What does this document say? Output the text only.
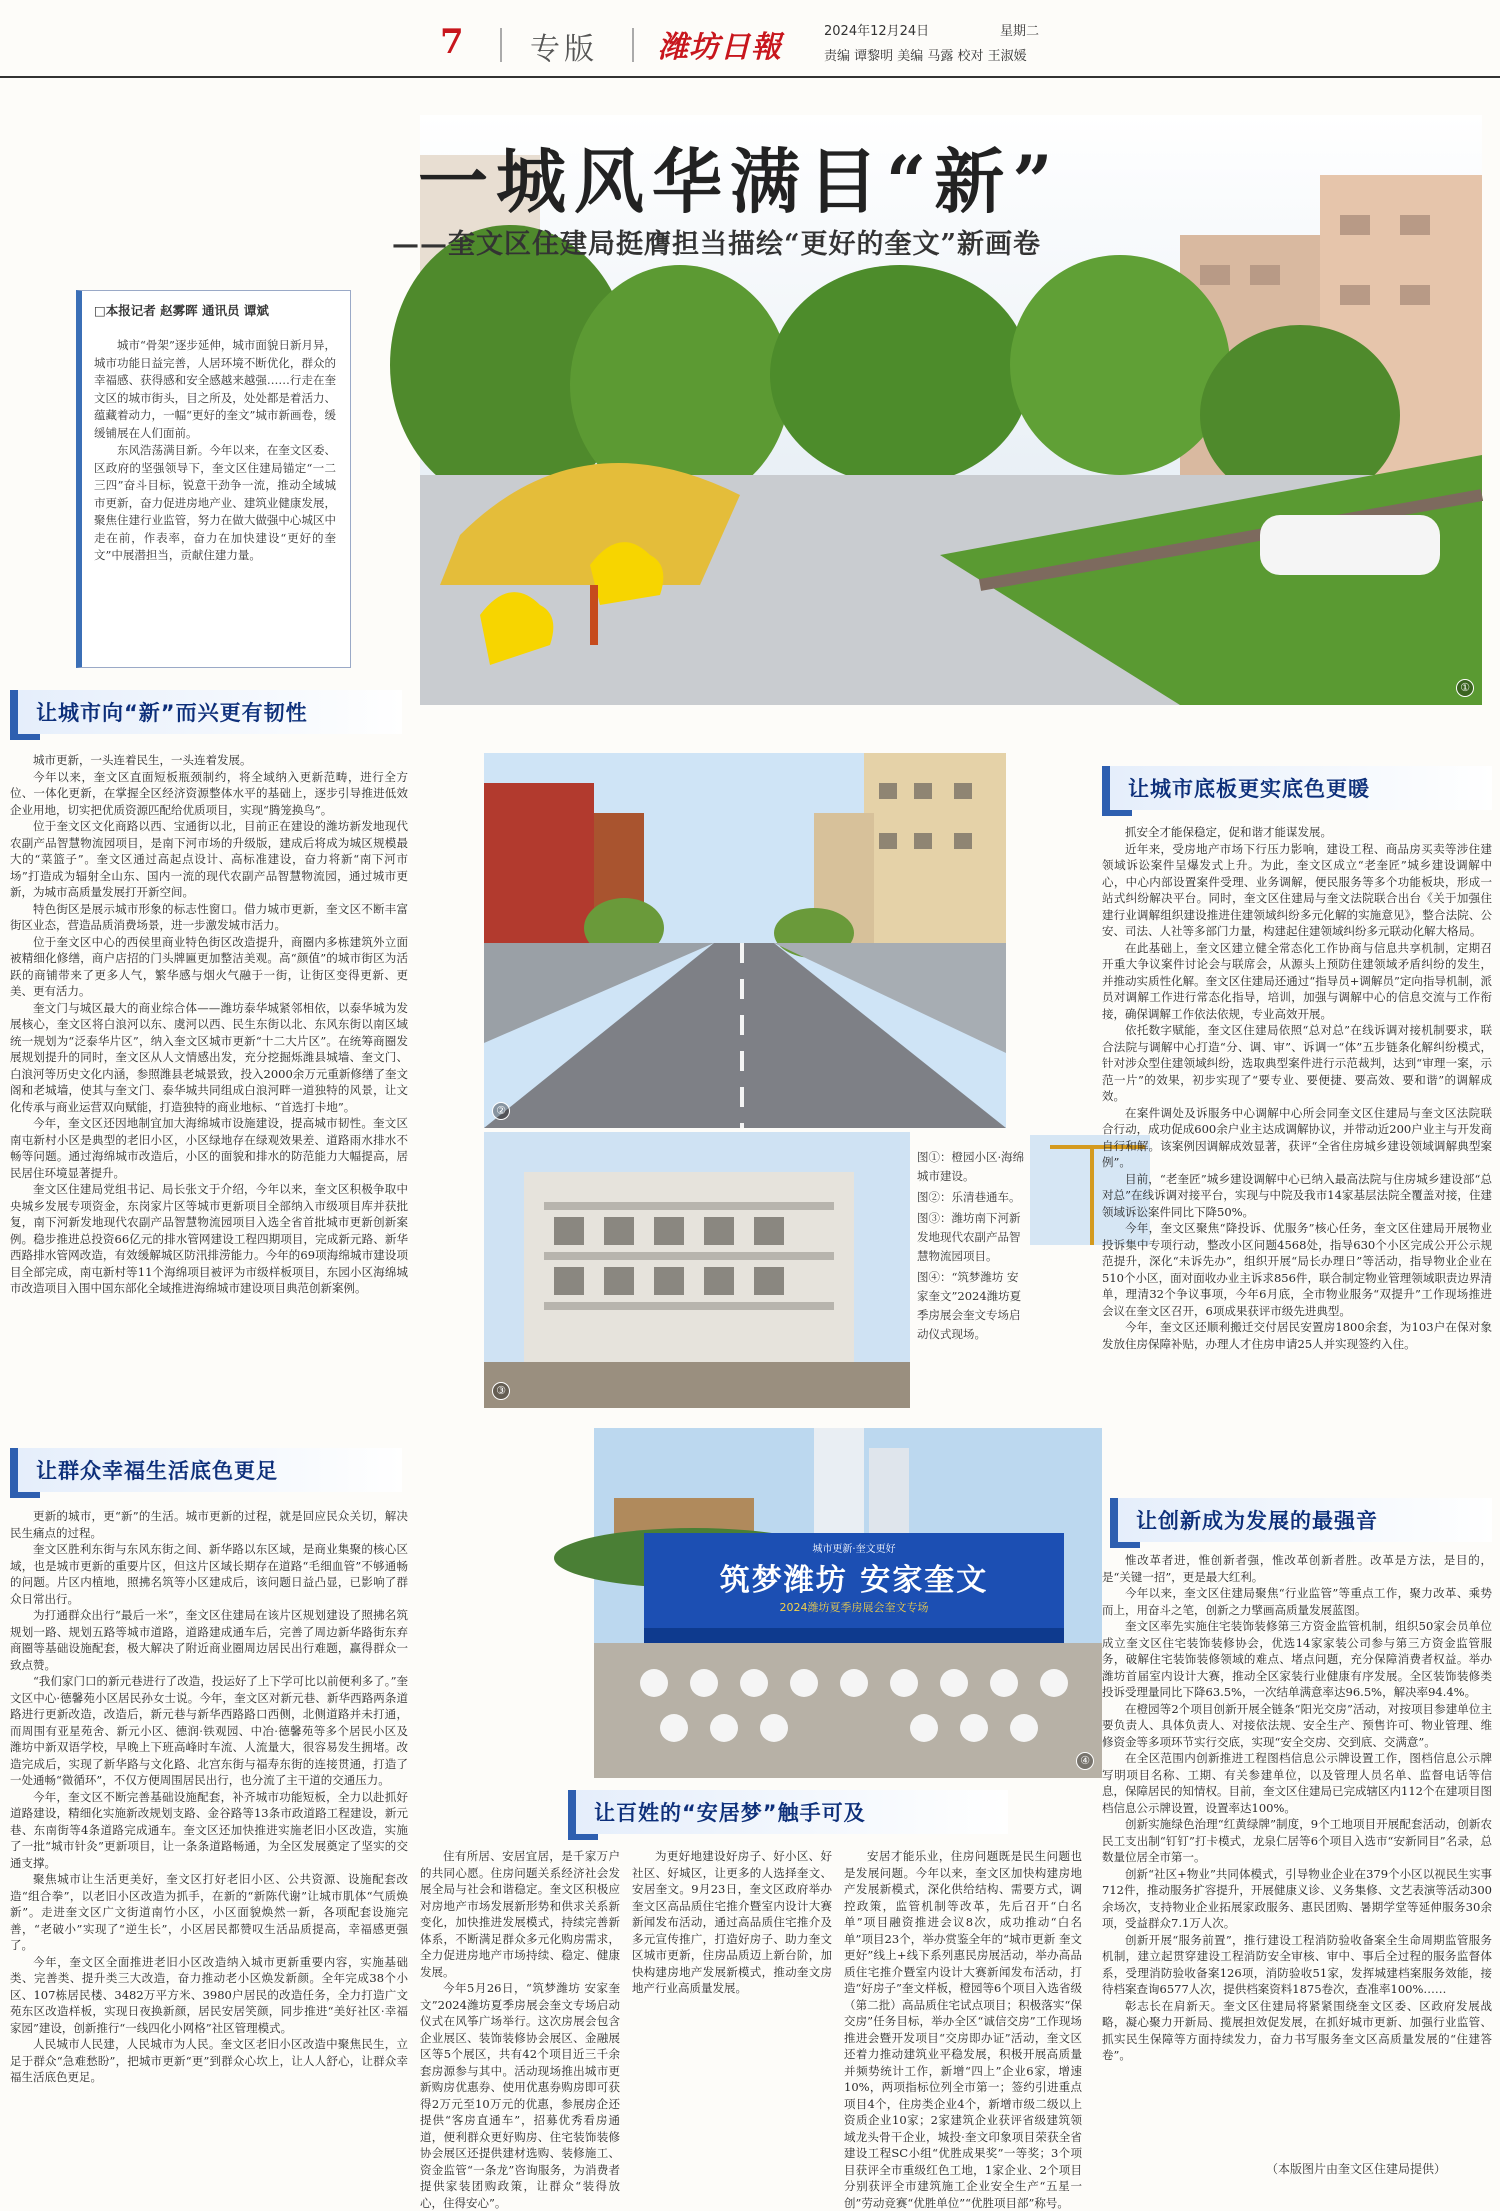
7 专版 潍坊日報	2024年12月24日	星期二
责编 谭黎明 美编 马露 校对 王淑媛
①
一城风华满目“新”
——奎文区住建局挺膺担当描绘“更好的奎文”新画卷
□本报记者 赵雾晖 通讯员 谭斌

城市“骨架”逐步延伸，城市面貌日新月异，城市功能日益完善，人居环境不断优化，群众的幸福感、获得感和安全感越来越强……行走在奎文区的城市街头，目之所及，处处都是着活力、蕴藏着动力，一幅“更好的奎文”城市新画卷，缓缓铺展在人们面前。

东风浩荡满目新。今年以来，在奎文区委、区政府的坚强领导下，奎文区住建局锚定“一二三四”奋斗目标，锐意干劲争一流，推动全域城市更新，奋力促进房地产业、建筑业健康发展，聚焦住建行业监管，努力在做大做强中心城区中走在前，作表率，奋力在加快建设“更好的奎文”中展潜担当，贡献住建力量。

让城市向“新”而兴更有韧性

城市更新，一头连着民生，一头连着发展。

今年以来，奎文区直面短板瓶颈制约，将全域纳入更新范畴，进行全方位、一体化更新，在掌握全区经济资源整体水平的基础上，逐步引导推进低效企业用地，切实把优质资源匹配给优质项目，实现“腾笼换鸟”。

位于奎文区文化商路以西、宝通街以北，目前正在建设的潍坊新发地现代农副产品智慧物流园项目，是南下河市场的升级版，建成后将成为城区规模最大的“菜篮子”。奎文区通过高起点设计、高标准建设，奋力将新“南下河市场”打造成为辐射全山东、国内一流的现代农副产品智慧物流园，通过城市更新，为城市高质量发展打开新空间。

特色街区是展示城市形象的标志性窗口。借力城市更新，奎文区不断丰富街区业态，营造品质消费场景，进一步激发城市活力。

位于奎文区中心的西侯里商业特色街区改造提升，商圈内多栋建筑外立面被精细化修缮，商户店招的门头牌匾更加整洁美观。高“颜值”的城市街区为活跃的商铺带来了更多人气，繁华感与烟火气融于一街，让街区变得更新、更美、更有活力。

奎文门与城区最大的商业综合体——潍坊泰华城紧邻相依，以泰华城为发展核心，奎文区将白浪河以东、虞河以西、民生东街以北、东风东街以南区域统一规划为“泛泰华片区”，纳入奎文区城市更新“十二大片区”。在统筹商圈发展规划提升的同时，奎文区从人文情感出发，充分挖掘烁潍县城墙、奎文门、白浪河等历史文化内涵，参照潍县老城景致，投入2000余万元重新修缮了奎文阁和老城墙，使其与奎文门、泰华城共同组成白浪河畔一道独特的风景，让文化传承与商业运营双向赋能，打造独特的商业地标、“首选打卡地”。

今年，奎文区还因地制宜加大海绵城市设施建设，提高城市韧性。奎文区南屯新村小区是典型的老旧小区，小区绿地存在绿观效果差、道路雨水排水不畅等问题。通过海绵城市改造后，小区的面貌和排水的防范能力大幅提高，居民居住环境显著提升。

奎文区住建局党组书记、局长张文于介绍，今年以来，奎文区积极争取中央城乡发展专项资金，东岗家片区等城市更新项目全部纳入市级项目库并获批复，南下河新发地现代农副产品智慧物流园项目入选全省首批城市更新创新案例。稳步推进总投资66亿元的排水管网建设工程四期项目，完成新元路、新华西路排水管网改造，有效缓解城区防汛排涝能力。今年的69项海绵城市建设项目全部完成，南屯新村等11个海绵项目被评为市级样板项目，东园小区海绵城市改造项目入围中国东部化全域推进海绵城市建设项目典范创新案例。

让群众幸福生活底色更足

更新的城市，更“新”的生活。城市更新的过程，就是回应民众关切，解决民生痛点的过程。

奎文区胜利东街与东风东街之间、新华路以东区域，是商业集聚的核心区域，也是城市更新的重要片区，但这片区域长期存在道路“毛细血管”不够通畅的问题。片区内植地，照拂名筑等小区建成后，该问题日益凸显，已影响了群众日常出行。

为打通群众出行“最后一米”，奎文区住建局在该片区规划建设了照拂名筑规划一路、规划五路等城市道路，道路建成通车后，完善了周边新华路街东弃商圈等基础设施配套，极大解决了附近商业圈周边居民出行难题，赢得群众一致点赞。

“我们家门口的新元巷进行了改造，投运好了上下学可比以前便利多了。”奎文区中心·德馨苑小区居民孙女士说。今年，奎文区对新元巷、新华西路两条道路进行更新改造，改造后，新元巷与新华西路路口西侧，北侧道路并未打通，而周围有亚星苑舍、新元小区、德润·铁观园、中冶·德馨苑等多个居民小区及潍坊中新双语学校，早晚上下班高峰时车流、人流量大，很容易发生拥堵。改造完成后，实现了新华路与文化路、北宫东街与福寿东街的连接贯通，打造了一处通畅“微循环”，不仅方便周围居民出行，也分流了主干道的交通压力。

今年，奎文区不断完善基础设施配套，补齐城市功能短板，全力以赴抓好道路建设，精细化实施新改规划支路、金谷路等13条市政道路工程建设，新元巷、东南街等4条道路完成通车。奎文区还加快推进实施老旧小区改造，实施了一批“城市针灸”更新项目，让一条条道路畅通，为全区发展奠定了坚实的交通支撑。

聚焦城市让生活更美好，奎文区打好老旧小区、公共资源、设施配套改造“组合拳”，以老旧小区改造为抓手，在新的“新陈代谢”让城市肌体“气质焕新”。走进奎文区广文街道南竹小区，小区面貌焕然一新，各项配套设施完善，“老破小”实现了“逆生长”，小区居民都赞叹生活品质提高，幸福感更强了。

今年，奎文区全面推进老旧小区改造纳入城市更新重要内容，实施基础类、完善类、提升类三大改造，奋力推动老小区焕发新颜。全年完成38个小区、107栋居民楼、3482万平方米、3980户居民的改造任务，全力打造广文苑东区改造样板，实现日夜换新颜，居民安居笑颜，同步推进“美好社区·幸福家园”建设，创新推行“一线四化小网格”社区管理模式。

人民城市人民建，人民城市为人民。奎文区老旧小区改造中聚焦民生，立足于群众“急难愁盼”，把城市更新“更”到群众心坎上，让人人舒心，让群众幸福生活底色更足。

②
③

图①：橙园小区·海绵城市建设。

图②：乐清巷通车。

图③：潍坊南下河新发地现代农副产品智慧物流园项目。

图④：“筑梦潍坊 安家奎文”2024潍坊夏季房展会奎文专场启动仪式现场。

城市更新·奎文更好
筑梦潍坊 安家奎文
2024潍坊夏季房展会奎文专场
④
让百姓的“安居梦”触手可及

住有所居、安居宜居，是千家万户的共同心愿。住房问题关系经济社会发展全局与社会和谐稳定。奎文区积极应对房地产市场发展新形势和供求关系新变化，加快推进发展模式，持续完善新体系，不断满足群众多元化购房需求，全力促进房地产市场持续、稳定、健康发展。

今年5月26日，“筑梦潍坊 安家奎文”2024潍坊夏季房展会奎文专场启动仪式在风筝广场举行。这次房展会包含企业展区、装饰装修协会展区、金融展区等5个展区，共有42个项目近三千余套房源参与其中。活动现场推出城市更新购房优惠券、使用优惠券购房即可获得2万元至10万元的优惠，参展房企还提供“客房直通车”，招募优秀看房通道，便利群众更好购房、住宅装饰装修协会展区还提供建材选购、装修施工、资金监管“一条龙”咨询服务，为消费者提供家装团购政策，让群众“装得放心，住得安心”。

为更好地建设好房子、好小区、好社区、好城区，让更多的人选择奎文、安居奎文。9月23日，奎文区政府举办奎文区高品质住宅推介暨室内设计大赛新闻发布活动，通过高品质住宅推介及多元宣传推广，打造好房子、助力奎文区城市更新，住房品质迈上新台阶，加快构建房地产发展新模式，推动奎文房地产行业高质量发展。

安居才能乐业，住房问题既是民生问题也是发展问题。今年以来，奎文区加快构建房地产发展新模式，深化供给结构、需要方式，调控政策，监管机制等改革，先后召开“白名单”项目融资推进会议8次，成功推动“白名单”项目23个，举办赏鉴全年的“城市更新 奎文更好”线上+线下系列惠民房展活动，举办高品质住宅推介暨室内设计大赛新闻发布活动，打造“好房子”奎文样板，橙园等6个项目入选省级（第二批）高品质住宅试点项目；积极落实“保交房”任务目标，举办全区“诚信交房”工作现场推进会暨开发项目“交房即办证”活动，奎文区还着力推动建筑业平稳发展，积极开展高质量并频势统计工作，新增“四上”企业6家，增速10%，两项指标位列全市第一；签约引进重点项目4个，住房类企业4个，新增市级二级以上资质企业10家；2家建筑企业获评省级建筑领域龙头骨干企业，城投·奎文印象项目荣获全省建设工程SC小组“优胜成果奖”一等奖；3个项目获评全市重级红色工地，1家企业、2个项目分别获评全市建筑施工企业安全生产“五星一创”劳动竞赛“优胜单位”“优胜项目部”称号。

让城市底板更实底色更暖

抓安全才能保稳定，促和谐才能谋发展。

近年来，受房地产市场下行压力影响，建设工程、商品房买卖等涉住建领域诉讼案件呈爆发式上升。为此，奎文区成立“老奎匠”城乡建设调解中心，中心内部设置案件受理、业务调解，便民服务等多个功能板块，形成一站式纠纷解决平台。同时，奎文区住建局与奎文法院联合出台《关于加强住建行业调解组织建设推进住建领域纠纷多元化解的实施意见》，整合法院、公安、司法、人社等多部门力量，构建起住建领域纠纷多元联动化解大格局。

在此基础上，奎文区建立健全常态化工作协商与信息共享机制，定期召开重大争议案件讨论会与联席会，从源头上预防住建领域矛盾纠纷的发生，并推动实质性化解。奎文区住建局还通过“指导员+调解员”定向指导机制，派员对调解工作进行常态化指导，培训，加强与调解中心的信息交流与工作衔接，确保调解工作依法依规，专业高效开展。

依托数字赋能，奎文区住建局依照“总对总”在线诉调对接机制要求，联合法院与调解中心打造“分、调、审”、诉调一“体”五步链条化解纠纷模式，针对涉众型住建领域纠纷，选取典型案件进行示范裁判，达到“审理一案，示范一片”的效果，初步实现了“要专业、要便捷、要高效、要和谐”的调解成效。

在案件调处及诉服务中心调解中心所会同奎文区住建局与奎文区法院联合行动，成功促成600余户业主达成调解协议，并带动近200户业主与开发商自行和解。该案例因调解成效显著，获评“全省住房城乡建设领域调解典型案例”。

目前，“老奎匠”城乡建设调解中心已纳入最高法院与住房城乡建设部“总对总”在线诉调对接平台，实现与中院及我市14家基层法院全覆盖对接，住建领域诉讼案件同比下降50%。

今年，奎文区聚焦“降投诉、优服务”核心任务，奎文区住建局开展物业投诉集中专项行动，整改小区问题4568处，指导630个小区完成公开公示规范提升，深化“未诉先办”，组织开展“局长办理日”等活动，指导物业企业在510个小区，面对面收办业主诉求856件，联合制定物业管理领域职责边界清单，理清32个争议事项，今年6月底，全市物业服务“双提升”工作现场推进会议在奎文区召开，6项成果获评市级先进典型。

今年，奎文区还顺利搬迁交付居民安置房1800余套，为103户在保对象发放住房保障补贴，办理人才住房申请25人并实现签约入住。

让创新成为发展的最强音

惟改革者进，惟创新者强，惟改革创新者胜。改革是方法，是目的，是“关键一招”，更是最大红利。

今年以来，奎文区住建局聚焦“行业监管”等重点工作，聚力改革、乘势而上，用奋斗之笔，创新之力擘画高质量发展蓝图。

奎文区率先实施住宅装饰装修第三方资金监管机制，组织50家会员单位成立奎文区住宅装饰装修协会，优选14家家装公司参与第三方资金监管服务，破解住宅装饰装修领域的难点、堵点问题，充分保障消费者权益。举办潍坊首届室内设计大赛，推动全区家装行业健康有序发展。全区装饰装修类投诉受理量同比下降63.5%，一次结单满意率达96.5%，解决率94.4%。

在橙园等2个项目创新开展全链条“阳光交房”活动，对按项目参建单位主要负责人、具体负责人、对接依法规、安全生产、预售许可、物业管理、维修资金等多项环节实行交底，实现“安全交房、交到底、交满意”。

在全区范围内创新推进工程图档信息公示牌设置工作，图档信息公示牌写明项目名称、工期、有关参建单位，以及管理人员名单、监督电话等信息，保障居民的知情权。目前，奎文区住建局已完成辖区内112个在建项目图档信息公示牌设置，设置率达100%。

创新实施绿色治理“红黄绿牌”制度，9个工地项目开展配套活动，创新农民工支出制“钉钉”打卡模式，龙泉仁居等6个项目入选市“安新同目”名录，总数量位居全市第一。

创新“社区+物业”共同体模式，引导物业企业在379个小区以视民生实事712件，推动服务扩容提升，开展健康义诊、义务集修、文艺表演等活动300余场次，支持物业企业拓展家政服务、惠民团购、暑期学堂等延伸服务30余项，受益群众7.1万人次。

创新开展“服务前置”，推行建设工程消防验收备案全生命周期监管服务机制，建立起贯穿建设工程消防安全审核、审中、事后全过程的服务监督体系，受理消防验收备案126项，消防验收51家，发挥城建档案服务效能，接待档案查询6577人次，提供档案资料1875卷次，查准率100%……

彰志长在肩新天。奎文区住建局将紧紧围绕奎文区委、区政府发展战略，凝心聚力开新局、揽展担效促发展，在抓好城市更新、加强行业监管、抓实民生保障等方面持续发力，奋力书写服务奎文区高质量发展的“住建答卷”。

（本版图片由奎文区住建局提供）
